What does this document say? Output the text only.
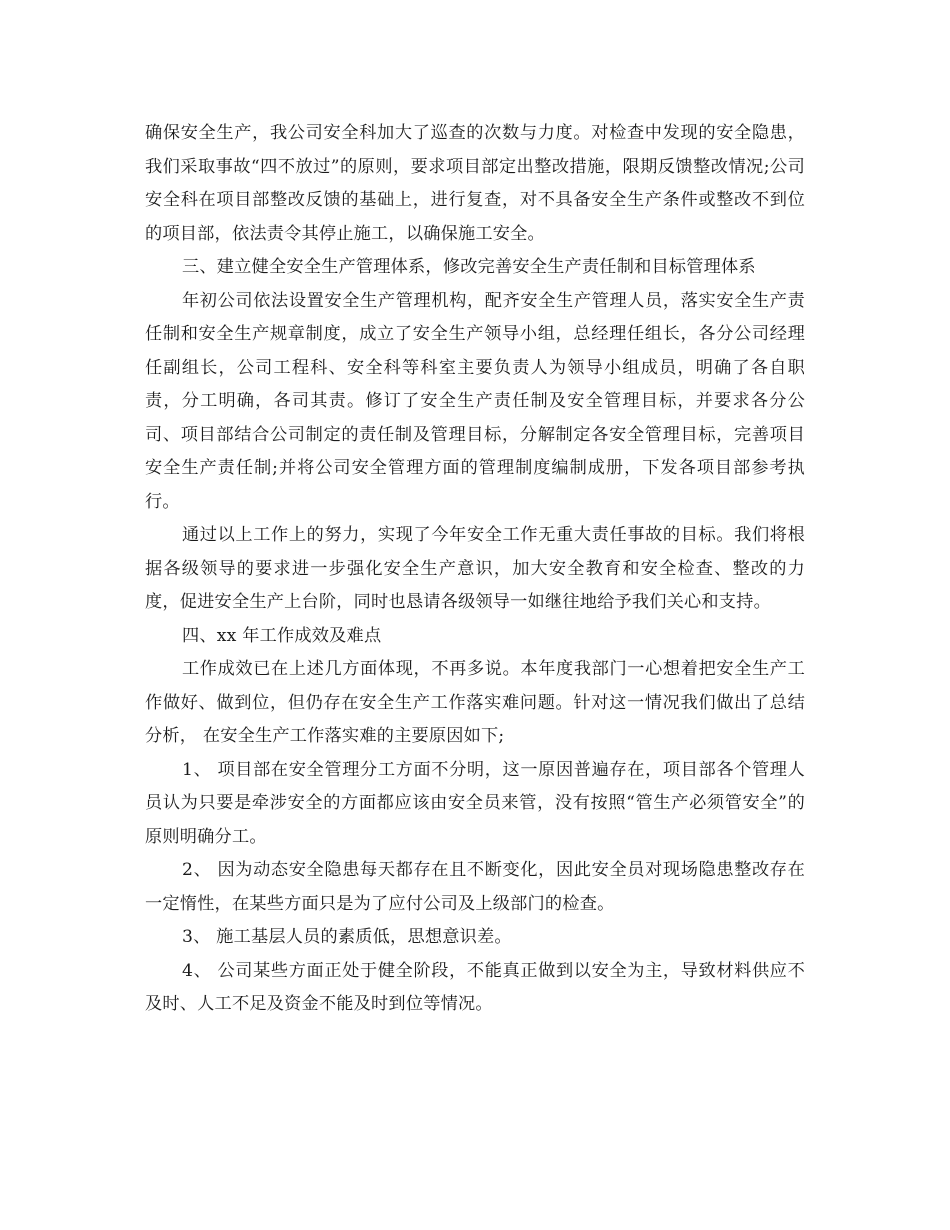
确保安全生产，我公司安全科加大了巡查的次数与力度。对检查中发现的安全隐患，我们采取事故“四不放过”的原则，要求项目部定出整改措施，限期反馈整改情况;公司安全科在项目部整改反馈的基础上，进行复查，对不具备安全生产条件或整改不到位的项目部，依法责令其停止施工，以确保施工安全。

三、建立健全安全生产管理体系，修改完善安全生产责任制和目标管理体系

年初公司依法设置安全生产管理机构，配齐安全生产管理人员，落实安全生产责任制和安全生产规章制度，成立了安全生产领导小组，总经理任组长，各分公司经理任副组长，公司工程科、安全科等科室主要负责人为领导小组成员，明确了各自职责，分工明确，各司其责。修订了安全生产责任制及安全管理目标，并要求各分公司、项目部结合公司制定的责任制及管理目标，分解制定各安全管理目标，完善项目安全生产责任制;并将公司安全管理方面的管理制度编制成册，下发各项目部参考执行。

通过以上工作上的努力，实现了今年安全工作无重大责任事故的目标。我们将根据各级领导的要求进一步强化安全生产意识，加大安全教育和安全检查、整改的力度，促进安全生产上台阶，同时也恳请各级领导一如继往地给予我们关心和支持。

四、xx 年工作成效及难点

工作成效已在上述几方面体现，不再多说。本年度我部门一心想着把安全生产工作做好、做到位，但仍存在安全生产工作落实难问题。针对这一情况我们做出了总结分析， 在安全生产工作落实难的主要原因如下;

1、 项目部在安全管理分工方面不分明，这一原因普遍存在，项目部各个管理人员认为只要是牵涉安全的方面都应该由安全员来管，没有按照“管生产必须管安全”的原则明确分工。

2、 因为动态安全隐患每天都存在且不断变化，因此安全员对现场隐患整改存在一定惰性，在某些方面只是为了应付公司及上级部门的检查。

3、 施工基层人员的素质低，思想意识差。

4、 公司某些方面正处于健全阶段，不能真正做到以安全为主，导致材料供应不及时、人工不足及资金不能及时到位等情况。
